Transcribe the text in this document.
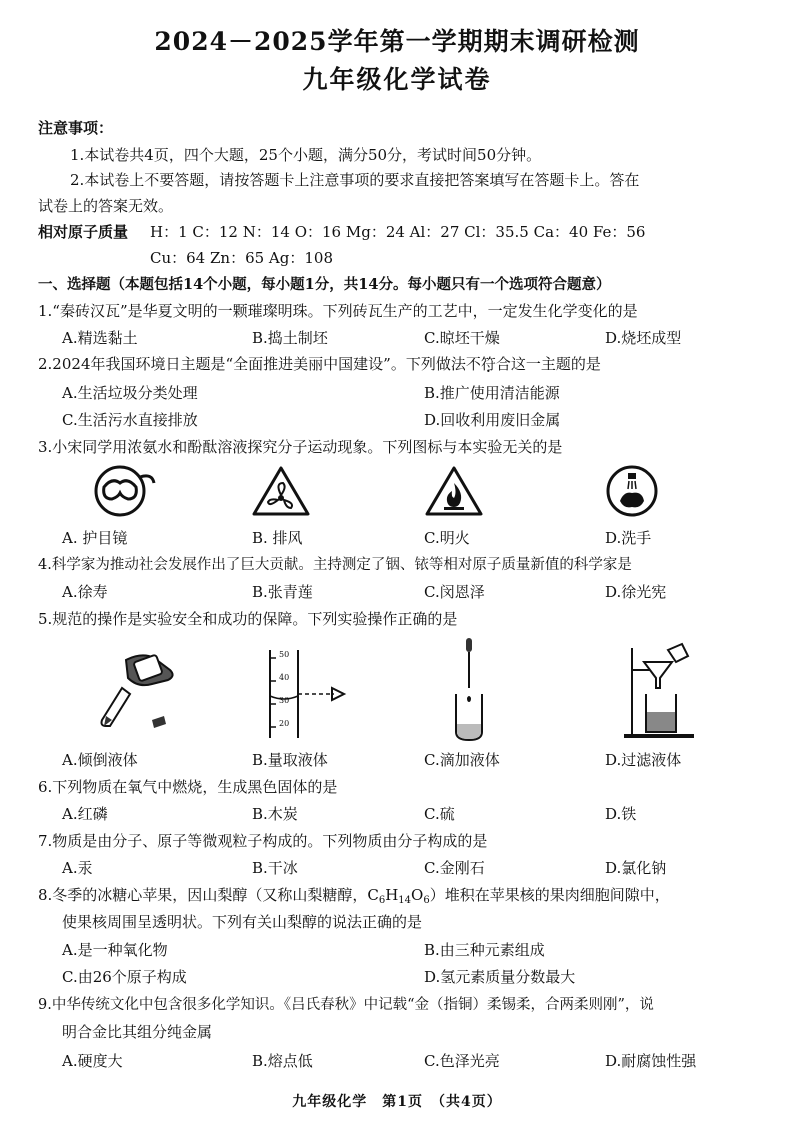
2024－2025学年第一学期期末调研检测
九年级化学试卷
注意事项：
1.本试卷共4页，四个大题，25个小题，满分50分，考试时间50分钟。
2.本试卷上不要答题，请按答题卡上注意事项的要求直接把答案填写在答题卡上。答在
试卷上的答案无效。
相对原子质量 H：1 C：12 N：14 O：16 Mg：24 Al：27 Cl：35.5 Ca：40 Fe：56
Cu：64 Zn：65 Ag：108
一、选择题（本题包括14个小题，每小题1分，共14分。每小题只有一个选项符合题意）
1.“秦砖汉瓦”是华夏文明的一颗璀璨明珠。下列砖瓦生产的工艺中，一定发生化学变化的是
A.精选黏土	B.捣土制坯	C.晾坯干燥	D.烧坯成型
2.2024年我国环境日主题是“全面推进美丽中国建设”。下列做法不符合这一主题的是
A.生活垃圾分类处理	B.推广使用清洁能源
C.生活污水直接排放	D.回收利用废旧金属
3.小宋同学用浓氨水和酚酞溶液探究分子运动现象。下列图标与本实验无关的是
A. 护目镜	B. 排风	C.明火	D.洗手
4.科学家为推动社会发展作出了巨大贡献。主持测定了铟、铱等相对原子质量新值的科学家是
A.徐寿	B.张青莲	C.闵恩泽	D.徐光宪
5.规范的操作是实验安全和成功的保障。下列实验操作正确的是
50
40
30
20
A.倾倒液体	B.量取液体	C.滴加液体	D.过滤液体
6.下列物质在氧气中燃烧，生成黑色固体的是
A.红磷	B.木炭	C.硫	D.铁
7.物质是由分子、原子等微观粒子构成的。下列物质由分子构成的是
A.汞	B.干冰	C.金刚石	D.氯化钠
8.冬季的冰糖心苹果，因山梨醇（又称山梨糖醇，$C_6H_{14}O_6$）堆积在苹果核的果肉细胞间隙中，
使果核周围呈透明状。下列有关山梨醇的说法正确的是
A.是一种氧化物	B.由三种元素组成
C.由26个原子构成	D.氢元素质量分数最大
9.中华传统文化中包含很多化学知识。《吕氏春秋》中记载“金（指铜）柔锡柔，合两柔则刚”，说
明合金比其组分纯金属
A.硬度大	B.熔点低	C.色泽光亮	D.耐腐蚀性强
九年级化学　第1页　（共4页）
